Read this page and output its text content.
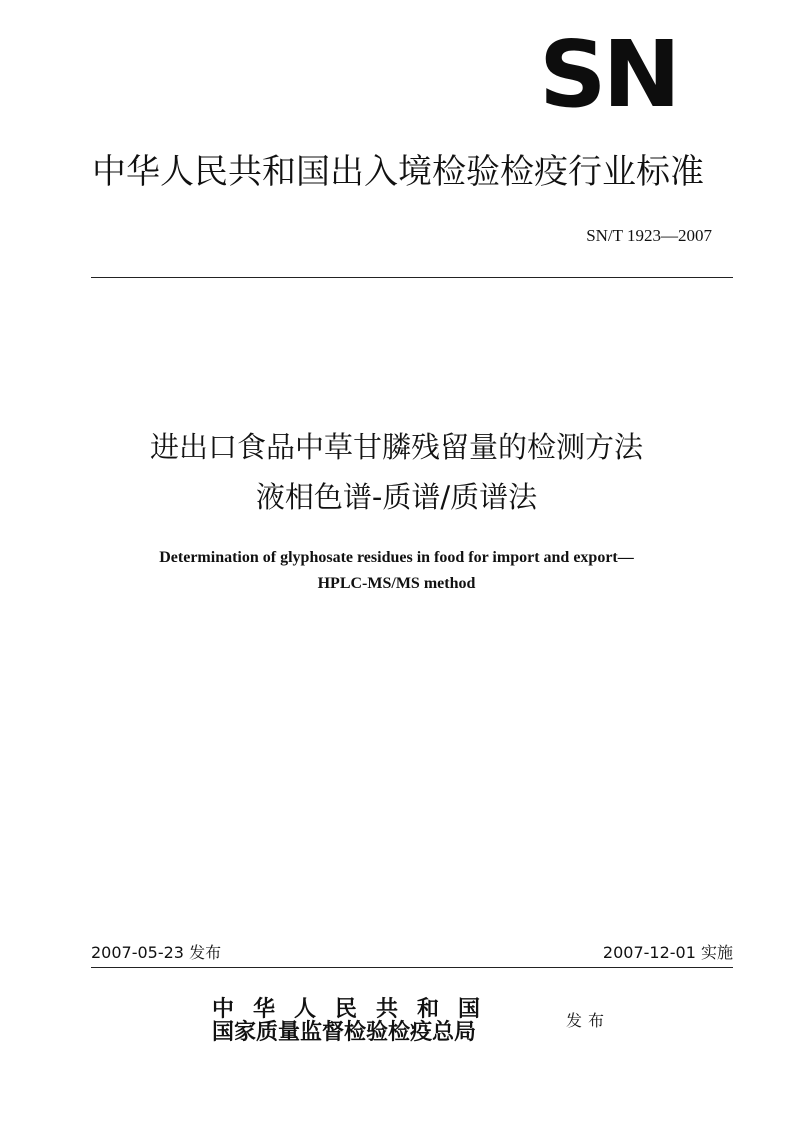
SN
中华人民共和国出入境检验检疫行业标准
SN/T 1923—2007
进出口食品中草甘膦残留量的检测方法
液相色谱-质谱/质谱法
Determination of glyphosate residues in food for import and export—
HPLC-MS/MS method
2007-05-23 发布	2007-12-01 实施
中华人民共和国
国家质量监督检验检疫总局	发布
